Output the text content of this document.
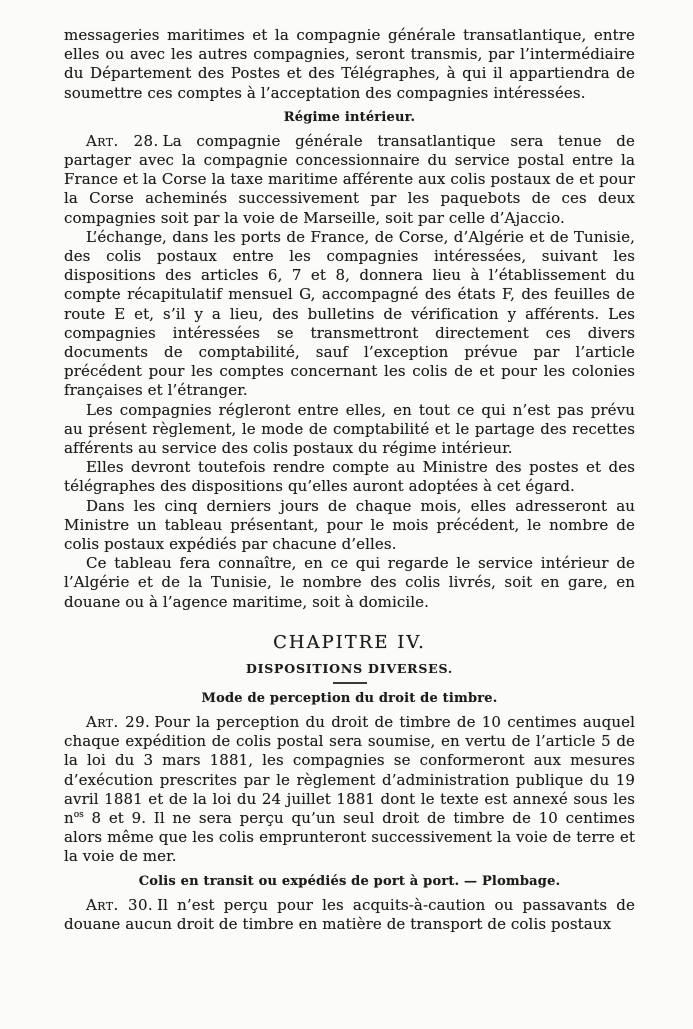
messageries maritimes et la compagnie générale transatlantique, entre elles ou avec les autres compagnies, seront transmis, par l’intermédiaire du Département des Postes et des Télégraphes, à qui il appartiendra de soumettre ces comptes à l’acceptation des compagnies intéressées.

Régime intérieur.

Art. 28. La compagnie générale transatlantique sera tenue de partager avec la compagnie concessionnaire du service postal entre la France et la Corse la taxe maritime afférente aux colis postaux de et pour la Corse acheminés successivement par les paquebots de ces deux compagnies soit par la voie de Marseille, soit par celle d’Ajaccio.

L’échange, dans les ports de France, de Corse, d’Algérie et de Tunisie, des colis postaux entre les compagnies intéressées, suivant les dispositions des articles 6, 7 et 8, donnera lieu à l’établissement du compte récapitulatif mensuel G, accompagné des états F, des feuilles de route E et, s’il y a lieu, des bulletins de vérification y afférents. Les compagnies intéressées se transmettront directement ces divers documents de comptabilité, sauf l’exception prévue par l’article précédent pour les comptes concernant les colis de et pour les colonies françaises et l’étranger.

Les compagnies régleront entre elles, en tout ce qui n’est pas prévu au présent règlement, le mode de comptabilité et le partage des recettes afférents au service des colis postaux du régime intérieur.

Elles devront toutefois rendre compte au Ministre des postes et des télégraphes des dispositions qu’elles auront adoptées à cet égard.

Dans les cinq derniers jours de chaque mois, elles adresseront au Ministre un tableau présentant, pour le mois précédent, le nombre de colis postaux expédiés par chacune d’elles.

Ce tableau fera connaître, en ce qui regarde le service intérieur de l’Algérie et de la Tunisie, le nombre des colis livrés, soit en gare, en douane ou à l’agence maritime, soit à domicile.

CHAPITRE IV.
DISPOSITIONS DIVERSES.
Mode de perception du droit de timbre.

Art. 29. Pour la perception du droit de timbre de 10 centimes auquel chaque expédition de colis postal sera soumise, en vertu de l’article 5 de la loi du 3 mars 1881, les compagnies se conformeront aux mesures d’exécution prescrites par le règlement d’administration publique du 19 avril 1881 et de la loi du 24 juillet 1881 dont le texte est annexé sous les $n^{os}$ 8 et 9. Il ne sera perçu qu’un seul droit de timbre de 10 centimes alors même que les colis emprunteront successivement la voie de terre et la voie de mer.

Colis en transit ou expédiés de port à port. — Plombage.

Art. 30. Il n’est perçu pour les acquits-à-caution ou passavants de douane aucun droit de timbre en matière de transport de colis postaux
